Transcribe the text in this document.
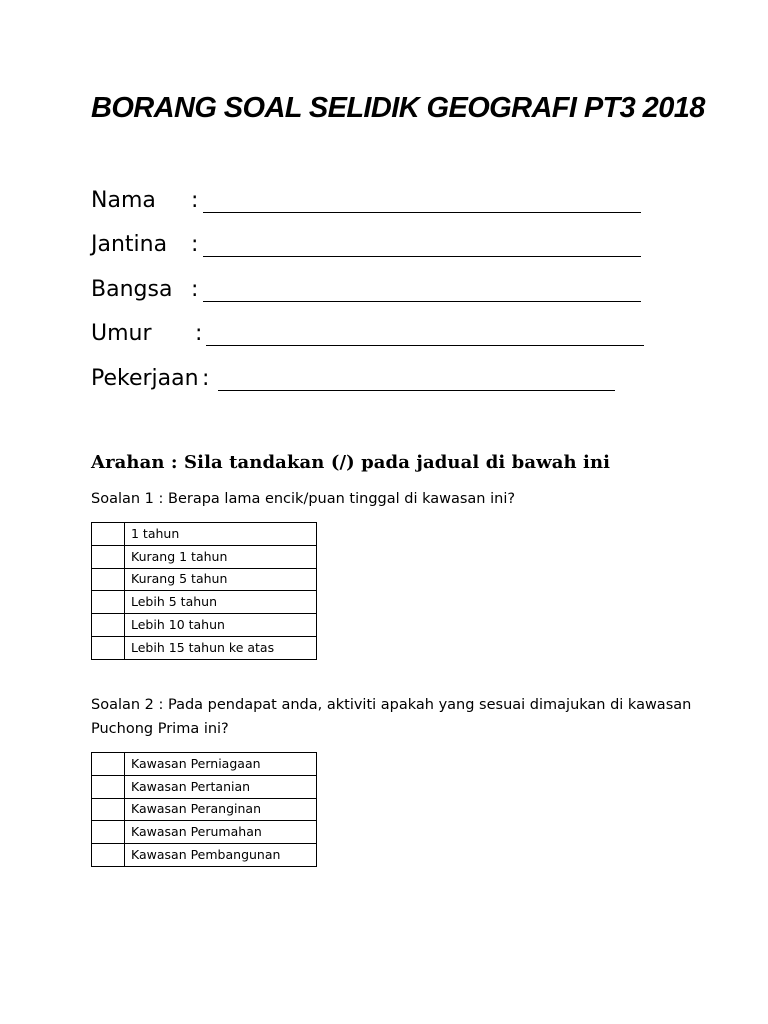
BORANG SOAL SELIDIK GEOGRAFI PT3 2018
Nama :
Jantina :
Bangsa :
Umur :
Pekerjaan :

Arahan : Sila tandakan (/) pada jadual di bawah ini

Soalan 1 : Berapa lama encik/puan tinggal di kawasan ini?

	1 tahun
	Kurang 1 tahun
	Kurang 5 tahun
	Lebih 5 tahun
	Lebih 10 tahun
	Lebih 15 tahun ke atas

Soalan 2 : Pada pendapat anda, aktiviti apakah yang sesuai dimajukan di kawasan

Puchong Prima ini?

	Kawasan Perniagaan
	Kawasan Pertanian
	Kawasan Peranginan
	Kawasan Perumahan
	Kawasan Pembangunan
